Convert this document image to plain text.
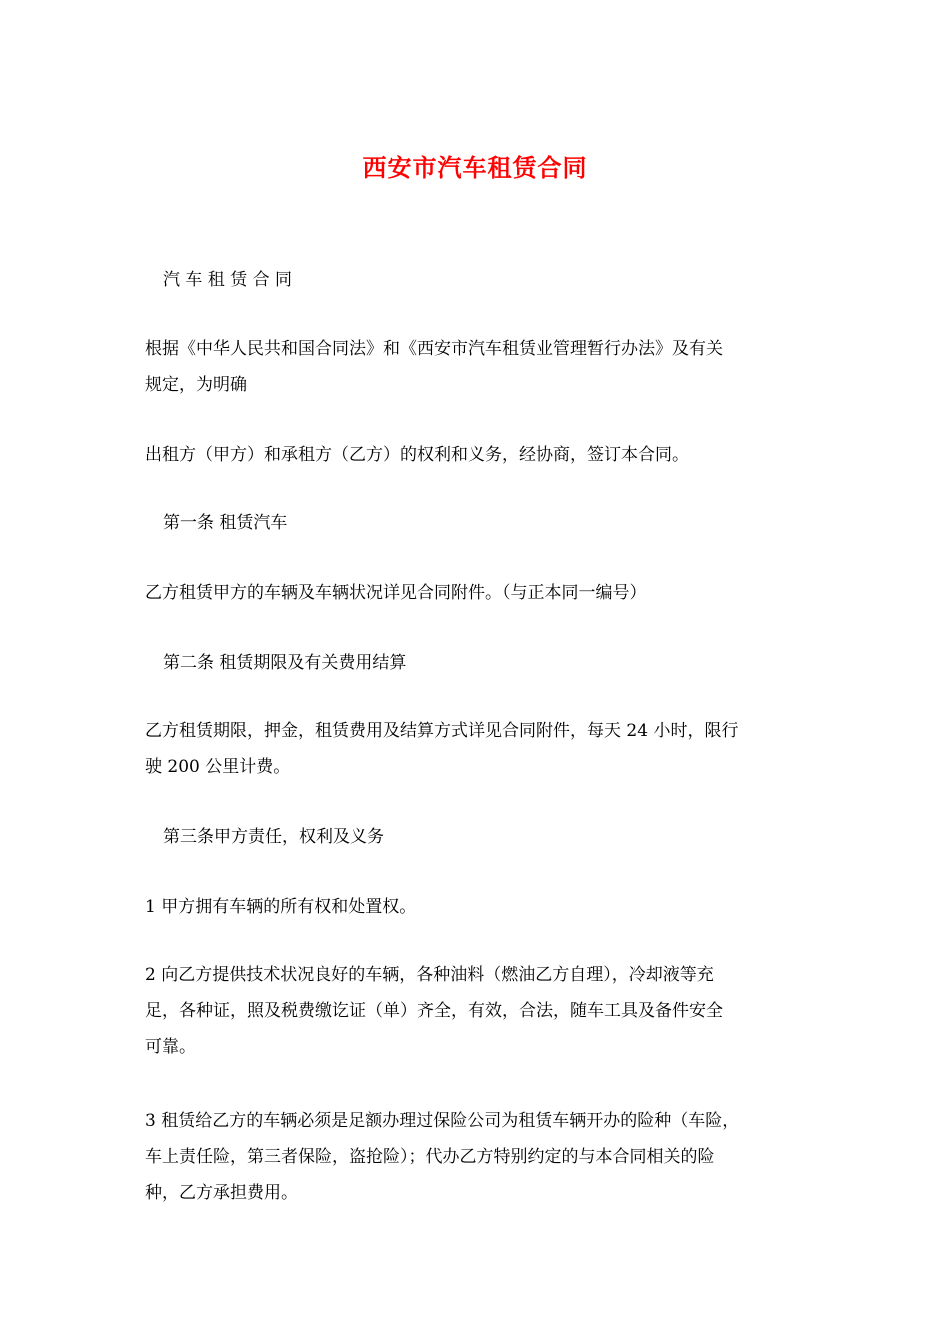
西安市汽车租赁合同
汽 车 租 赁 合 同
根据《中华人民共和国合同法》和《西安市汽车租赁业管理暂行办法》及有关
规定，为明确
出租方（甲方）和承租方（乙方）的权利和义务，经协商，签订本合同。
第一条 租赁汽车
乙方租赁甲方的车辆及车辆状况详见合同附件。（与正本同一编号）
第二条 租赁期限及有关费用结算
乙方租赁期限，押金，租赁费用及结算方式详见合同附件，每天 24 小时，限行
驶 200 公里计费。
第三条甲方责任，权利及义务
1 甲方拥有车辆的所有权和处置权。
2 向乙方提供技术状况良好的车辆，各种油料（燃油乙方自理），冷却液等充
足，各种证，照及税费缴讫证（单）齐全，有效，合法，随车工具及备件安全
可靠。
3 租赁给乙方的车辆必须是足额办理过保险公司为租赁车辆开办的险种（车险，
车上责任险，第三者保险，盗抢险）；代办乙方特别约定的与本合同相关的险
种，乙方承担费用。
